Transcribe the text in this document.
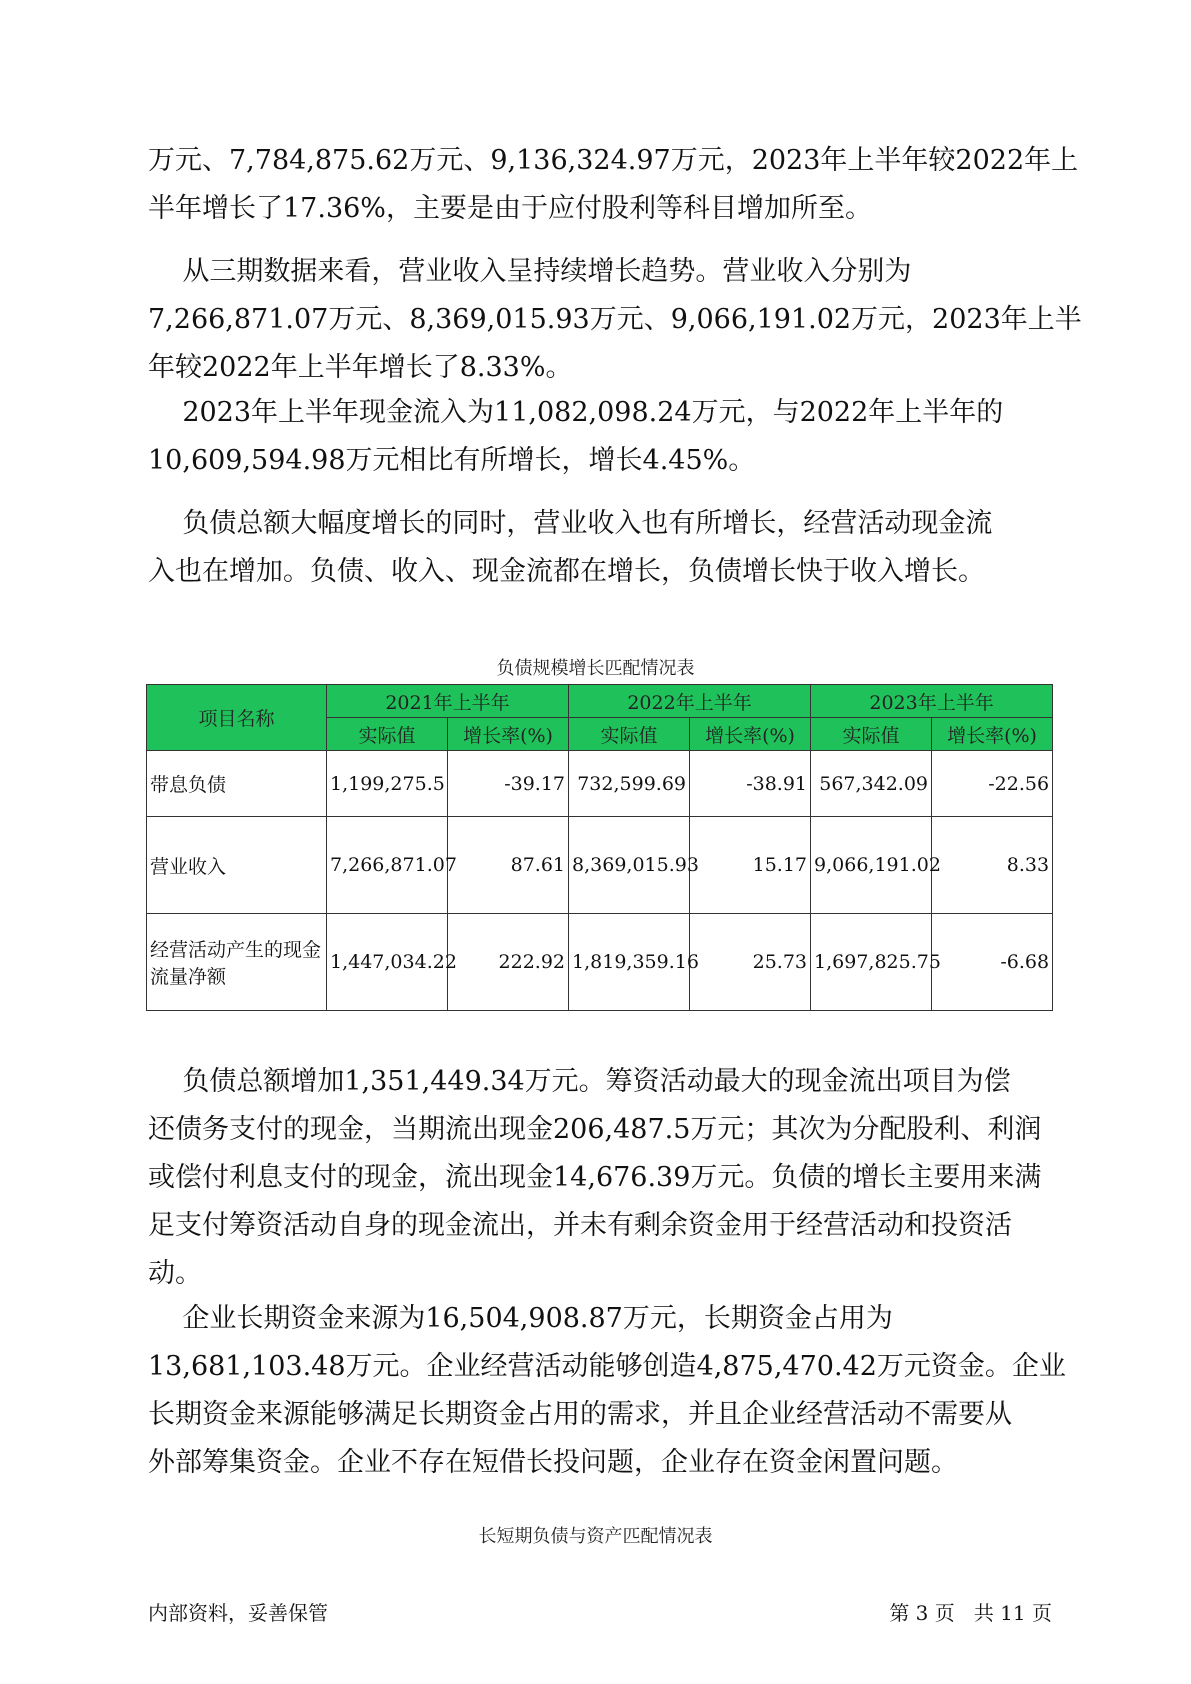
万元、7,784,875.62万元、9,136,324.97万元，2023年上半年较2022年上
半年增长了17.36%，主要是由于应付股利等科目增加所至。
从三期数据来看，营业收入呈持续增长趋势。营业收入分别为
7,266,871.07万元、8,369,015.93万元、9,066,191.02万元，2023年上半
年较2022年上半年增长了8.33%。
2023年上半年现金流入为11,082,098.24万元，与2022年上半年的
10,609,594.98万元相比有所增长，增长4.45%。
负债总额大幅度增长的同时，营业收入也有所增长，经营活动现金流
入也在增加。负债、收入、现金流都在增长，负债增长快于收入增长。
负债规模增长匹配情况表
项目名称	2021年上半年		2022年上半年		2023年上半年	
	实际值	增长率(%)	实际值	增长率(%)	实际值	增长率(%)
带息负债	1,199,275.5	-39.17	732,599.69	-38.91	567,342.09	-22.56
营业收入	7,266,871.07	87.61	8,369,015.93	15.17	9,066,191.02	8.33
经营活动产生的现金流量净额	1,447,034.22	222.92	1,819,359.16	25.73	1,697,825.75	-6.68
负债总额增加1,351,449.34万元。筹资活动最大的现金流出项目为偿
还债务支付的现金，当期流出现金206,487.5万元；其次为分配股利、利润
或偿付利息支付的现金，流出现金14,676.39万元。负债的增长主要用来满
足支付筹资活动自身的现金流出，并未有剩余资金用于经营活动和投资活
动。
企业长期资金来源为16,504,908.87万元，长期资金占用为
13,681,103.48万元。企业经营活动能够创造4,875,470.42万元资金。企业
长期资金来源能够满足长期资金占用的需求，并且企业经营活动不需要从
外部筹集资金。企业不存在短借长投问题，企业存在资金闲置问题。
长短期负债与资产匹配情况表
内部资料，妥善保管	第 3 页   共 11 页
